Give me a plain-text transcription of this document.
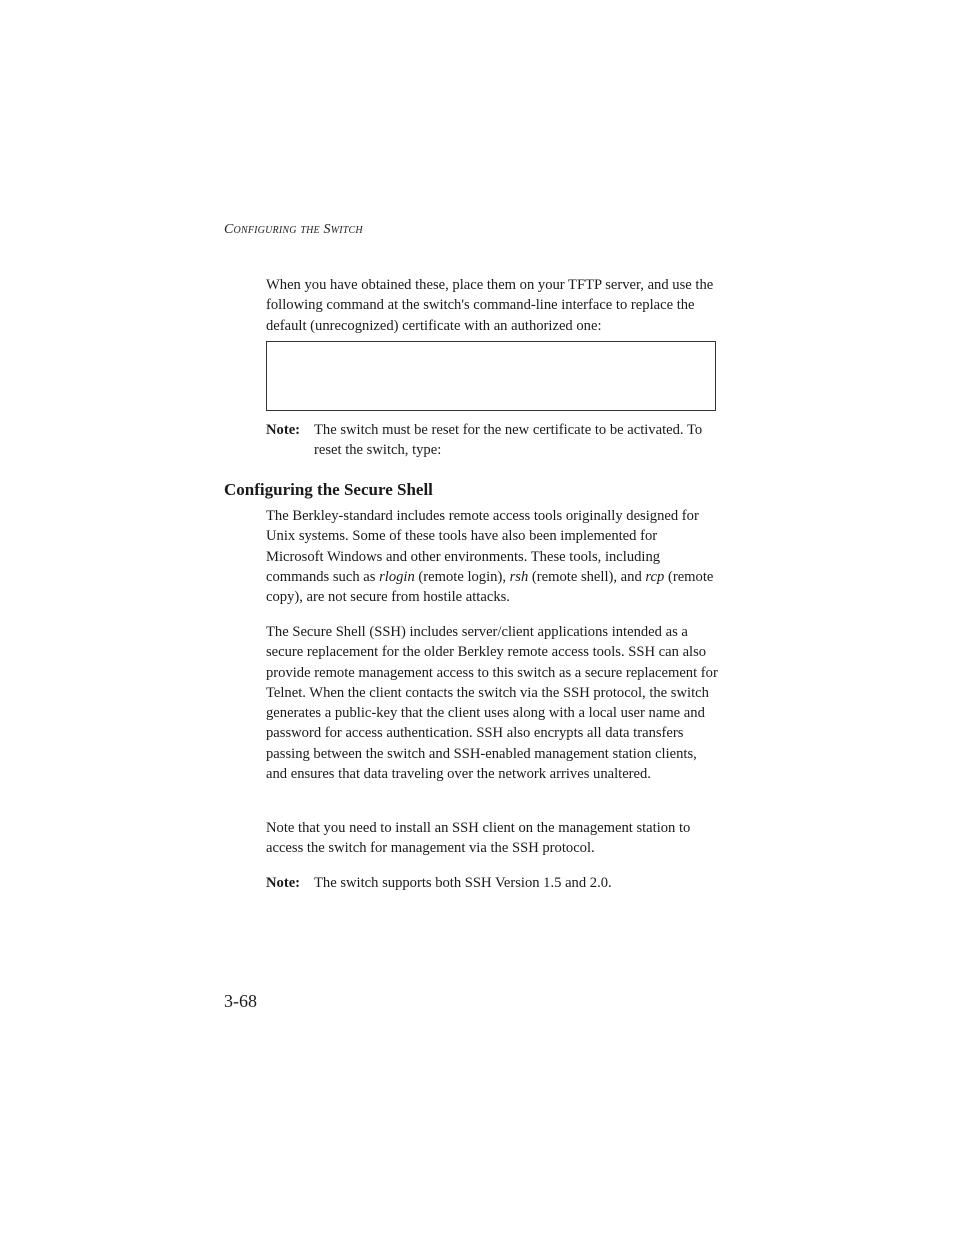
Configuring the Switch

When you have obtained these, place them on your TFTP server, and use the following command at the switch's command-line interface to replace the default (unrecognized) certificate with an authorized one:

Note: The switch must be reset for the new certificate to be activated. To reset the switch, type:
Configuring the Secure Shell

The Berkley-standard includes remote access tools originally designed for Unix systems. Some of these tools have also been implemented for Microsoft Windows and other environments. These tools, including commands such as rlogin (remote login), rsh (remote shell), and rcp (remote copy), are not secure from hostile attacks.

The Secure Shell (SSH) includes server/client applications intended as a secure replacement for the older Berkley remote access tools. SSH can also provide remote management access to this switch as a secure replacement for Telnet. When the client contacts the switch via the SSH protocol, the switch generates a public-key that the client uses along with a local user name and password for access authentication. SSH also encrypts all data transfers passing between the switch and SSH-enabled management station clients, and ensures that data traveling over the network arrives unaltered.

Note that you need to install an SSH client on the management station to access the switch for management via the SSH protocol.

Note: The switch supports both SSH Version 1.5 and 2.0.
3-68
